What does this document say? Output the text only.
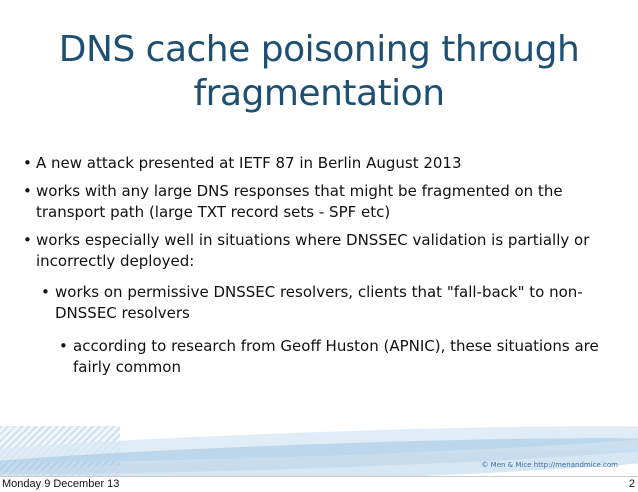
DNS cache poisoning through
fragmentation

• A new attack presented at IETF 87 in Berlin August 2013

• works with any large DNS responses that might be fragmented on the transport path (large TXT record sets - SPF etc)

• works especially well in situations where DNSSEC validation is partially or incorrectly deployed:

• works on permissive DNSSEC resolvers, clients that "fall-back" to non-DNSSEC resolvers

• according to research from Geoff Huston (APNIC), these situations are fairly common

© Men & Mice http://menandmice.com
Monday 9 December 13	2
